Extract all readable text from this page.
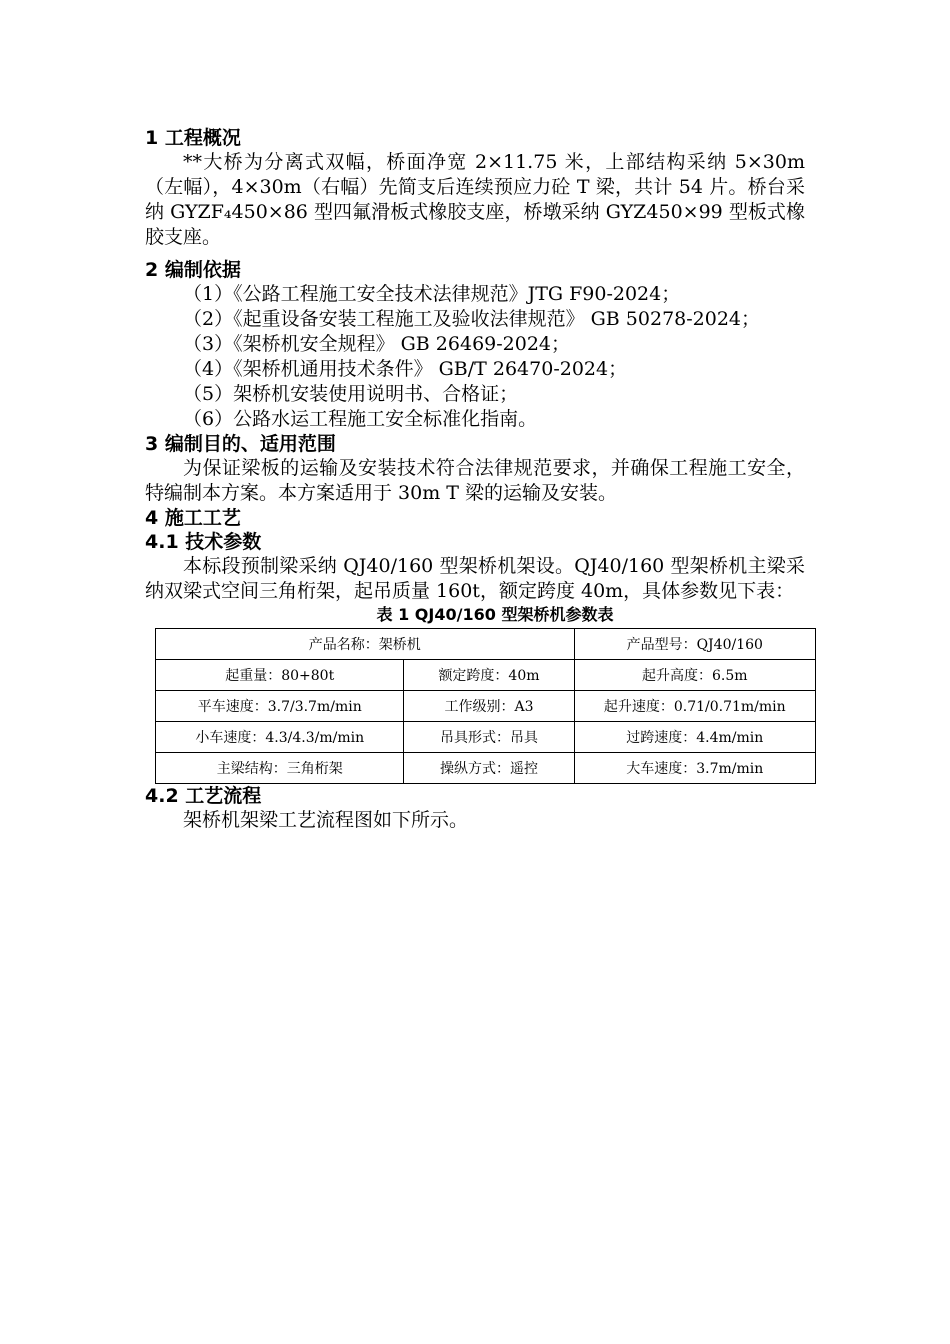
1 工程概况

**大桥为分离式双幅，桥面净宽 2×11.75 米，上部结构采纳 5×30m（左幅），4×30m（右幅）先简支后连续预应力砼 T 梁，共计 54 片。桥台采纳 GYZF₄450×86 型四氟滑板式橡胶支座，桥墩采纳 GYZ450×99 型板式橡胶支座。

2 编制依据

（1）《公路工程施工安全技术法律规范》JTG F90-2024；

（2）《起重设备安装工程施工及验收法律规范》 GB 50278-2024；

（3）《架桥机安全规程》 GB 26469-2024；

（4）《架桥机通用技术条件》 GB/T 26470-2024；

（5）架桥机安装使用说明书、合格证；

（6）公路水运工程施工安全标准化指南。

3 编制目的、适用范围

为保证梁板的运输及安装技术符合法律规范要求，并确保工程施工安全，特编制本方案。本方案适用于 30m T 梁的运输及安装。

4 施工工艺
4.1 技术参数

本标段预制梁采纳 QJ40/160 型架桥机架设。QJ40/160 型架桥机主梁采纳双梁式空间三角桁架，起吊质量 160t，额定跨度 40m，具体参数见下表：

表 1 QJ40/160 型架桥机参数表

产品名称：架桥机		产品型号：QJ40/160
起重量：80+80t	额定跨度：40m	起升高度：6.5m
平车速度：3.7/3.7m/min	工作级别：A3	起升速度：0.71/0.71m/min
小车速度：4.3/4.3/m/min	吊具形式：吊具	过跨速度：4.4m/min
主梁结构：三角桁架	操纵方式：遥控	大车速度：3.7m/min
4.2 工艺流程

架桥机架梁工艺流程图如下所示。
